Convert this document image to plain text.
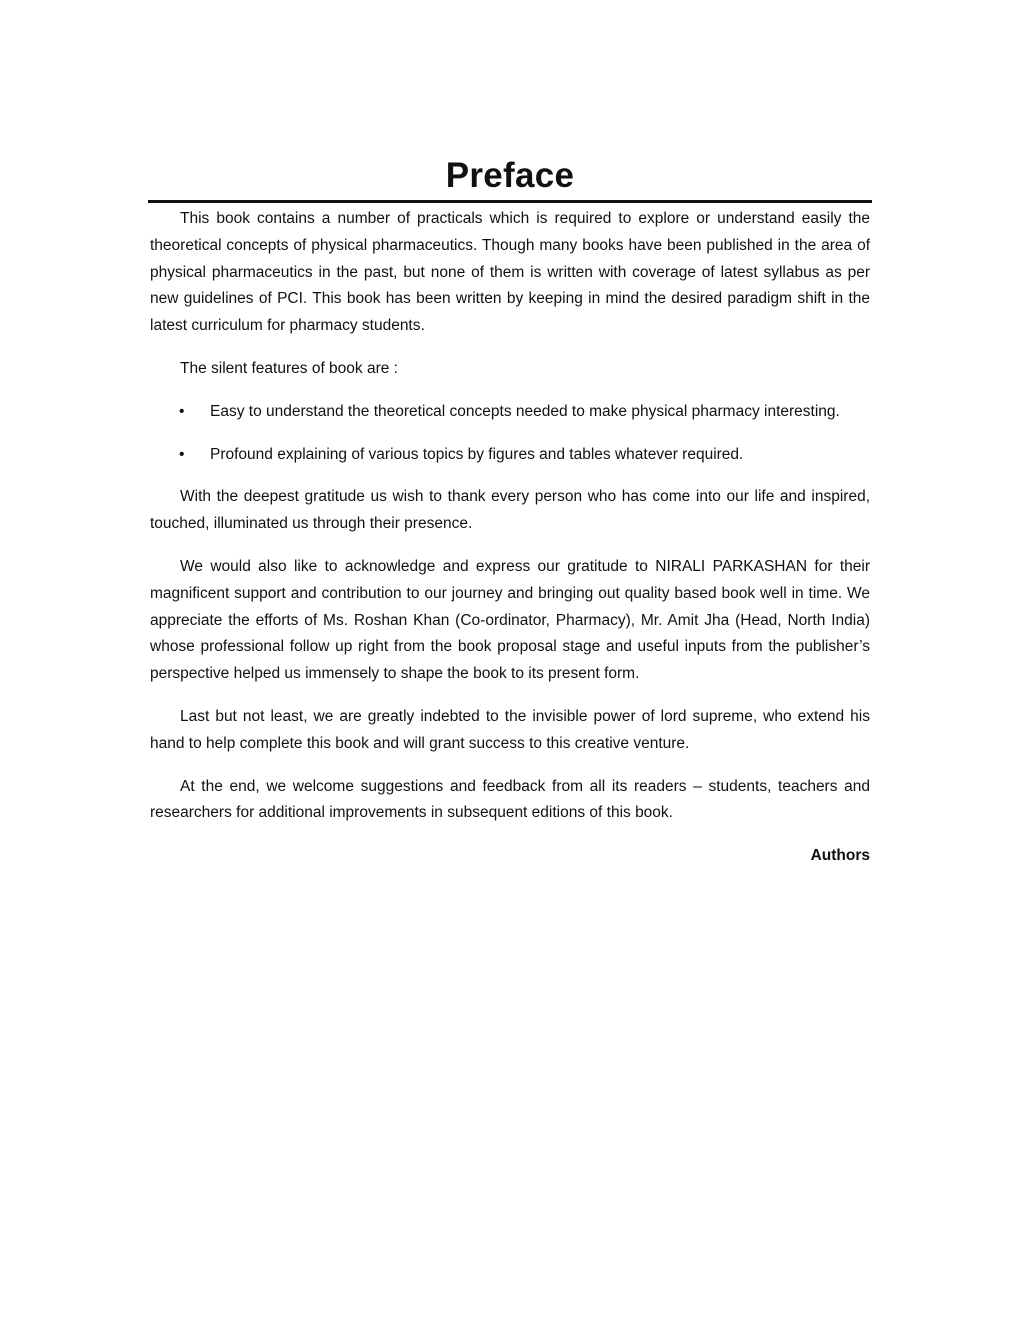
Preface

This book contains a number of practicals which is required to explore or understand easily the theoretical concepts of physical pharmaceutics. Though many books have been published in the area of physical pharmaceutics in the past, but none of them is written with coverage of latest syllabus as per new guidelines of PCI. This book has been written by keeping in mind the desired paradigm shift in the latest curriculum for pharmacy students.

The silent features of book are :

• Easy to understand the theoretical concepts needed to make physical pharmacy interesting.
• Profound explaining of various topics by figures and tables whatever required.

With the deepest gratitude us wish to thank every person who has come into our life and inspired, touched, illuminated us through their presence.

We would also like to acknowledge and express our gratitude to NIRALI PARKASHAN for their magnificent support and contribution to our journey and bringing out quality based book well in time. We appreciate the efforts of Ms. Roshan Khan (Co-ordinator, Pharmacy), Mr. Amit Jha (Head, North India) whose professional follow up right from the book proposal stage and useful inputs from the publisher’s perspective helped us immensely to shape the book to its present form.

Last but not least, we are greatly indebted to the invisible power of lord supreme, who extend his hand to help complete this book and will grant success to this creative venture.

At the end, we welcome suggestions and feedback from all its readers – students, teachers and researchers for additional improvements in subsequent editions of this book.

Authors
